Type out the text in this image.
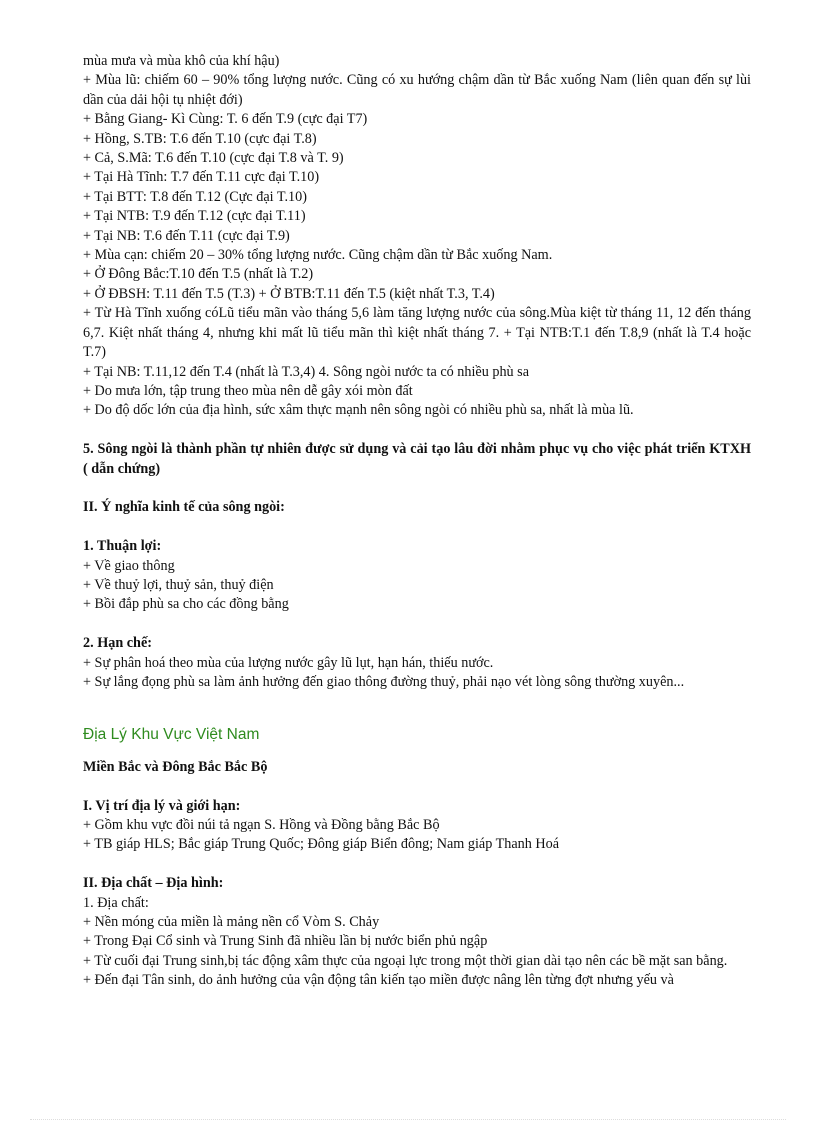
mùa mưa và mùa khô của khí hậu)
+ Mùa lũ: chiếm 60 – 90% tổng lượng nước. Cũng có xu hướng chậm dần từ Bắc xuống Nam (liên quan đến sự lùi dần của dải hội tụ nhiệt đới)
+ Bằng Giang- Kì Cùng: T. 6 đến T.9 (cực đại T7)
+ Hồng, S.TB: T.6 đến T.10 (cực đại T.8)
+ Cả, S.Mã: T.6 đến T.10 (cực đại T.8 và T. 9)
+ Tại Hà Tĩnh: T.7 đến T.11 cực đại T.10)
+ Tại BTT: T.8 đến T.12 (Cực đại T.10)
+ Tại NTB: T.9 đến T.12 (cực đại T.11)
+ Tại NB: T.6 đến T.11 (cực đại T.9)
+ Mùa cạn: chiếm 20 – 30% tổng lượng nước. Cũng chậm dần từ Bắc xuống Nam.
+ Ở Đông Bắc:T.10 đến T.5 (nhất là T.2)
+ Ở ĐBSH: T.11 đến T.5 (T.3) + Ở BTB:T.11 đến T.5 (kiệt nhất T.3, T.4)
+ Từ Hà Tĩnh xuống cóLũ tiểu mãn vào tháng 5,6 làm tăng lượng nước của sông.Mùa kiệt từ tháng 11, 12 đến tháng 6,7. Kiệt nhất tháng 4, nhưng khi mất lũ tiểu mãn thì kiệt nhất tháng 7. + Tại NTB:T.1 đến T.8,9 (nhất là T.4 hoặc T.7)
+ Tại NB: T.11,12 đến T.4 (nhất là T.3,4) 4. Sông ngòi nước ta có nhiều phù sa
+ Do mưa lớn, tập trung theo mùa nên dễ gây xói mòn đất
+ Do độ dốc lớn của địa hình, sức xâm thực mạnh nên sông ngòi có nhiều phù sa, nhất là mùa lũ.
5. Sông ngòi là thành phần tự nhiên được sử dụng và cải tạo lâu đời nhằm phục vụ cho việc phát triển KTXH ( dẫn chứng)
II. Ý nghĩa kinh tế của sông ngòi:
1. Thuận lợi:
+ Về giao thông
+ Về thuỷ lợi, thuỷ sản, thuỷ điện
+ Bồi đắp phù sa cho các đồng bằng
2. Hạn chế:
+ Sự phân hoá theo mùa của lượng nước gây lũ lụt, hạn hán, thiếu nước.
+ Sự lắng đọng phù sa làm ảnh hưởng đến giao thông đường thuỷ, phải nạo vét lòng sông thường xuyên...
Địa Lý Khu Vực Việt Nam
Miền Bắc và Đông Bắc Bắc Bộ
I. Vị trí địa lý và giới hạn:
+ Gồm khu vực đồi núi tả ngạn S. Hồng và Đồng bằng Bắc Bộ
+ TB giáp HLS; Bắc giáp Trung Quốc; Đông giáp Biển đông; Nam giáp Thanh Hoá
II. Địa chất – Địa hình:
1. Địa chất:
+ Nền móng của miền là mảng nền cổ Vòm S. Chảy
+ Trong Đại Cổ sinh và Trung Sinh đã nhiều lần bị nước biển phủ ngập
+ Từ cuối đại Trung sinh,bị tác động xâm thực của ngoại lực trong một thời gian dài tạo nên các bề mặt san bằng.
+ Đến đại Tân sinh, do ảnh hưởng của vận động tân kiến tạo miền được nâng lên từng đợt nhưng yếu và
